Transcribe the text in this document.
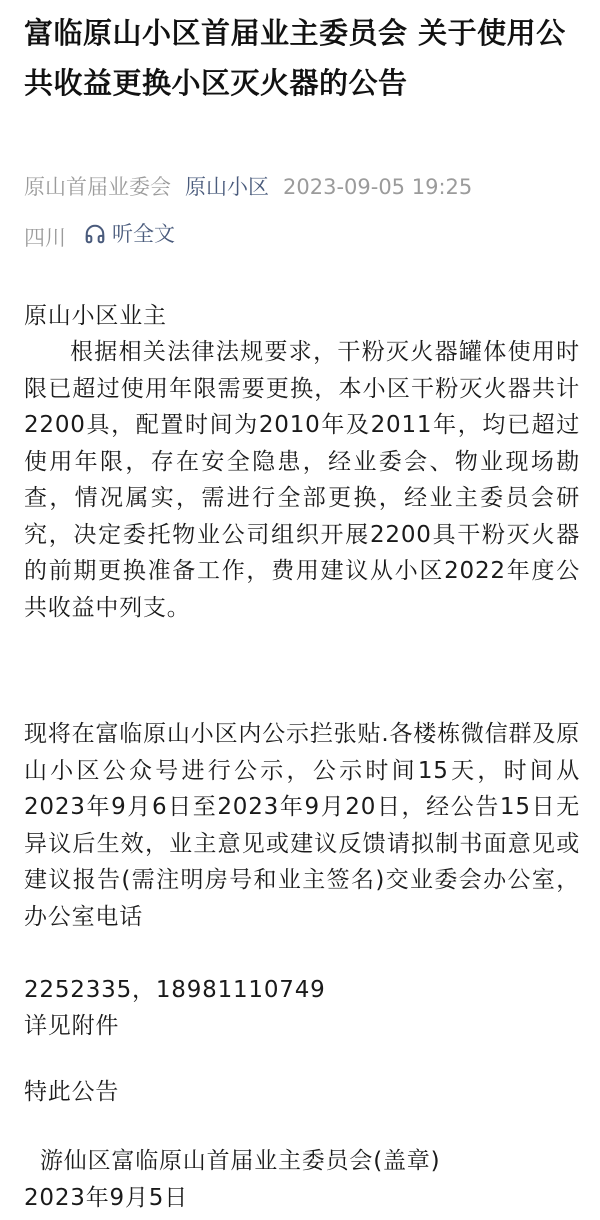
富临原山小区首届业主委员会 关于使用公共收益更换小区灭火器的公告
原山首届业委会 原山小区 2023-09-05 19:25
四川 听全文
原山小区业主
根据相关法律法规要求，干粉灭火器罐体使用时限已超过使用年限需要更换，本小区干粉灭火器共计2200具，配置时间为2010年及2011年，均已超过使用年限，存在安全隐患，经业委会、物业现场勘查，情况属实，需进行全部更换，经业主委员会研究，决定委托物业公司组织开展2200具干粉灭火器的前期更换准备工作，费用建议从小区2022年度公共收益中列支。
现将在富临原山小区内公示拦张贴.各楼栋微信群及原山小区公众号进行公示，公示时间15天，时间从2023年9月6日至2023年9月20日，经公告15日无异议后生效，业主意见或建议反馈请拟制书面意见或建议报告(需注明房号和业主签名)交业委会办公室，办公室电话
2252335，18981110749
详见附件
特此公告
游仙区富临原山首届业主委员会(盖章)
2023年9月5日
